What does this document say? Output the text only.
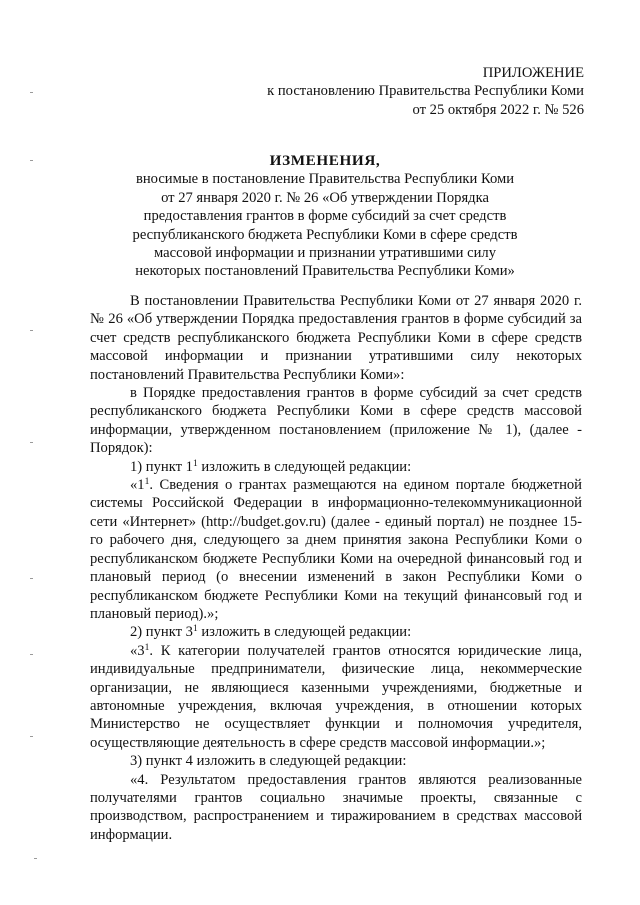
ПРИЛОЖЕНИЕ
к постановлению Правительства Республики Коми
от 25 октября 2022 г. № 526
ИЗМЕНЕНИЯ,
вносимые в постановление Правительства Республики Коми
от 27 января 2020 г. № 26 «Об утверждении Порядка
предоставления грантов в форме субсидий за счет средств
республиканского бюджета Республики Коми в сфере средств
массовой информации и признании утратившими силу
некоторых постановлений Правительства Республики Коми»

В постановлении Правительства Республики Коми от 27 января 2020 г. № 26 «Об утверждении Порядка предоставления грантов в форме субсидий за счет средств республиканского бюджета Республики Коми в сфере средств массовой информации и признании утратившими силу некоторых постановлений Правительства Республики Коми»:

в Порядке предоставления грантов в форме субсидий за счет средств республиканского бюджета Республики Коми в сфере средств массовой информации, утвержденном постановлением (приложение № 1), (далее - Порядок):

1) пункт $1^1$ изложить в следующей редакции:

«$1^1$. Сведения о грантах размещаются на едином портале бюджетной системы Российской Федерации в информационно-телекоммуникационной сети «Интернет» (http://budget.gov.ru) (далее - единый портал) не позднее 15-го рабочего дня, следующего за днем принятия закона Республики Коми о республиканском бюджете Республики Коми на очередной финансовый год и плановый период (о внесении изменений в закон Республики Коми о республиканском бюджете Республики Коми на текущий финансовый год и плановый период).»;

2) пункт $3^1$ изложить в следующей редакции:

«$3^1$. К категории получателей грантов относятся юридические лица, индивидуальные предприниматели, физические лица, некоммерческие организации, не являющиеся казенными учреждениями, бюджетные и автономные учреждения, включая учреждения, в отношении которых Министерство не осуществляет функции и полномочия учредителя, осуществляющие деятельность в сфере средств массовой информации.»;

3) пункт 4 изложить в следующей редакции:

«4. Результатом предоставления грантов являются реализованные получателями грантов социально значимые проекты, связанные с производством, распространением и тиражированием в средствах массовой информации.
